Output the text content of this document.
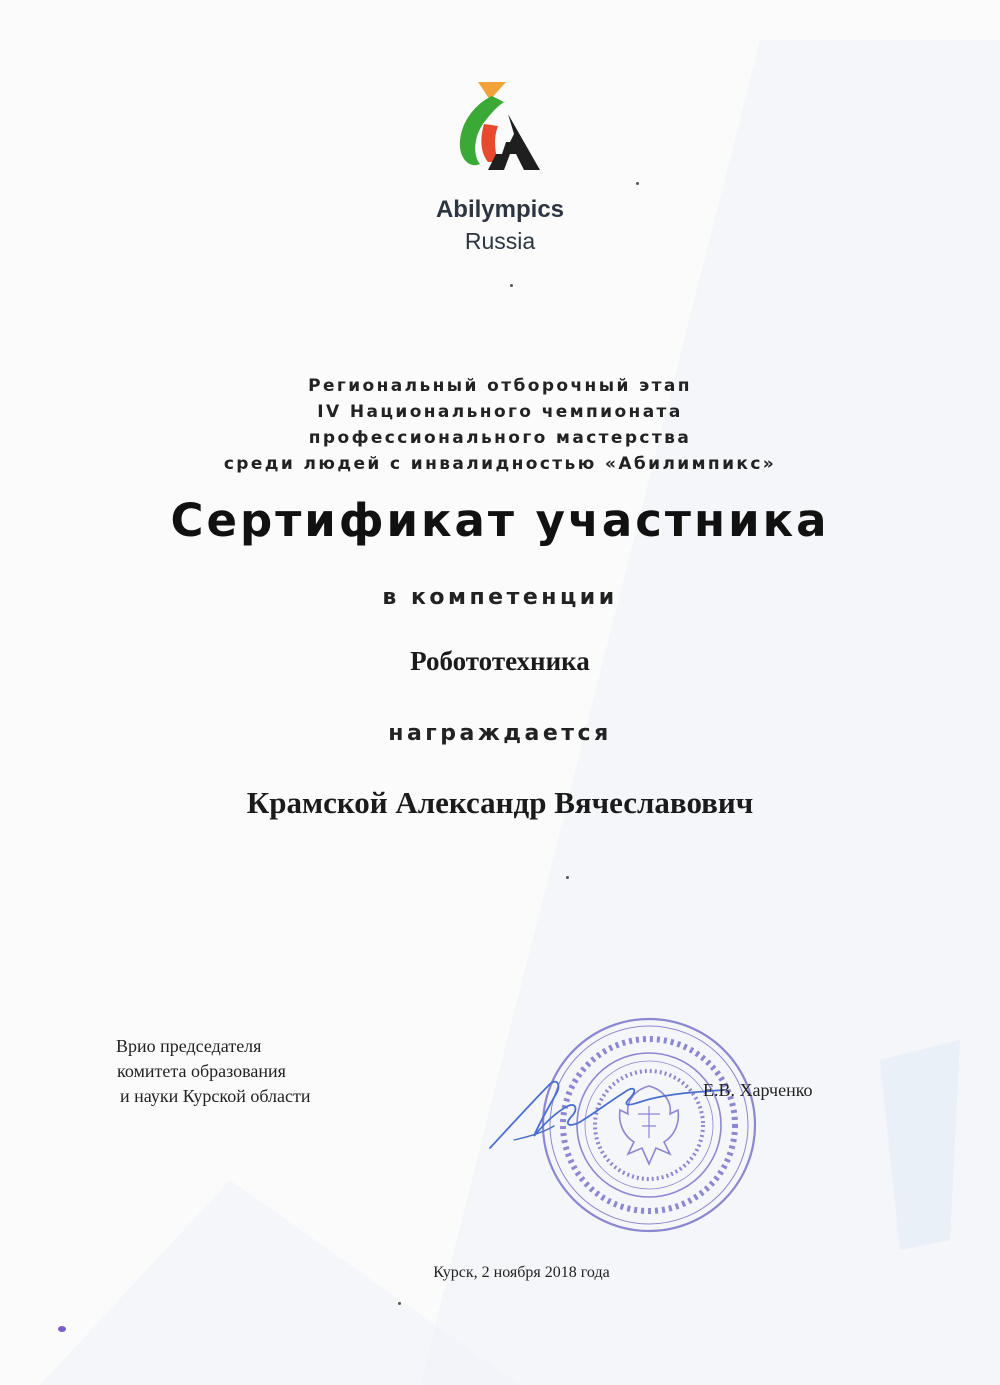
Abilympics
Russia
Региональный отборочный этап
IV Национального чемпионата
профессионального мастерства
среди людей с инвалидностью «Абилимпикс»
Сертификат участника
в компетенции
Робототехника
награждается
Крамской Александр Вячеславович
Врио председателя
комитета образования
и науки Курской области	Е.В. Харченко
Курск, 2 ноября 2018 года
